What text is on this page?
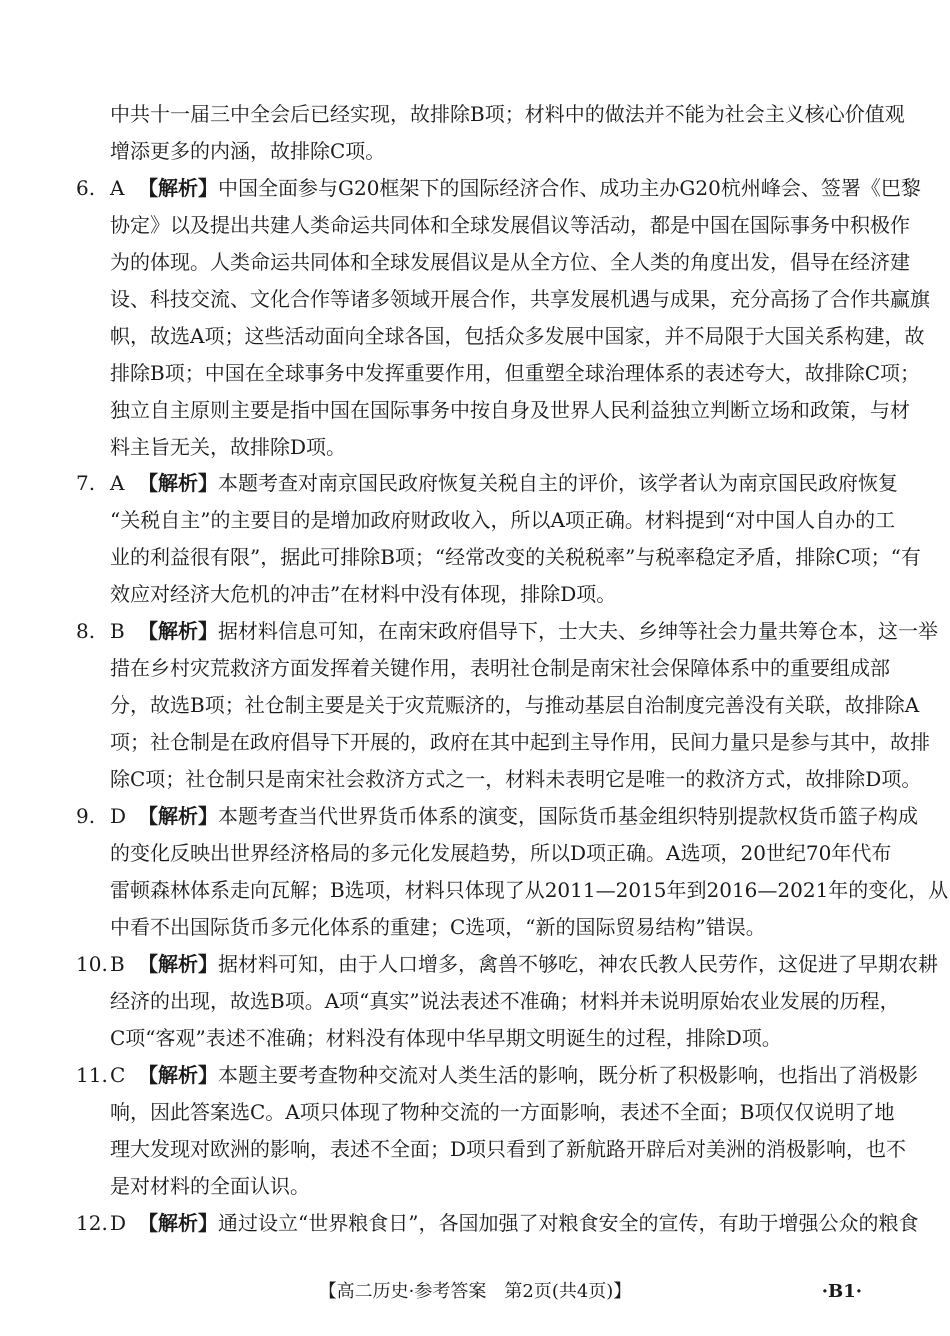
中共十一届三中全会后已经实现，故排除B项；材料中的做法并不能为社会主义核心价值观
增添更多的内涵，故排除C项。
6. A 【解析】中国全面参与G20框架下的国际经济合作、成功主办G20杭州峰会、签署《巴黎
协定》以及提出共建人类命运共同体和全球发展倡议等活动，都是中国在国际事务中积极作
为的体现。人类命运共同体和全球发展倡议是从全方位、全人类的角度出发，倡导在经济建
设、科技交流、文化合作等诸多领域开展合作，共享发展机遇与成果，充分高扬了合作共赢旗
帜，故选A项；这些活动面向全球各国，包括众多发展中国家，并不局限于大国关系构建，故
排除B项；中国在全球事务中发挥重要作用，但重塑全球治理体系的表述夸大，故排除C项；
独立自主原则主要是指中国在国际事务中按自身及世界人民利益独立判断立场和政策，与材
料主旨无关，故排除D项。
7. A 【解析】本题考查对南京国民政府恢复关税自主的评价，该学者认为南京国民政府恢复
“关税自主”的主要目的是增加政府财政收入，所以A项正确。材料提到“对中国人自办的工
业的利益很有限”，据此可排除B项；“经常改变的关税税率”与税率稳定矛盾，排除C项；“有
效应对经济大危机的冲击”在材料中没有体现，排除D项。
8. B 【解析】据材料信息可知，在南宋政府倡导下，士大夫、乡绅等社会力量共筹仓本，这一举
措在乡村灾荒救济方面发挥着关键作用，表明社仓制是南宋社会保障体系中的重要组成部
分，故选B项；社仓制主要是关于灾荒赈济的，与推动基层自治制度完善没有关联，故排除A
项；社仓制是在政府倡导下开展的，政府在其中起到主导作用，民间力量只是参与其中，故排
除C项；社仓制只是南宋社会救济方式之一，材料未表明它是唯一的救济方式，故排除D项。
9. D 【解析】本题考查当代世界货币体系的演变，国际货币基金组织特别提款权货币篮子构成
的变化反映出世界经济格局的多元化发展趋势，所以D项正确。A选项，20世纪70年代布
雷顿森林体系走向瓦解；B选项，材料只体现了从2011—2015年到2016—2021年的变化，从
中看不出国际货币多元化体系的重建；C选项，“新的国际贸易结构”错误。
10. B 【解析】据材料可知，由于人口增多，禽兽不够吃，神农氏教人民劳作，这促进了早期农耕
经济的出现，故选B项。A项“真实”说法表述不准确；材料并未说明原始农业发展的历程，
C项“客观”表述不准确；材料没有体现中华早期文明诞生的过程，排除D项。
11. C 【解析】本题主要考查物种交流对人类生活的影响，既分析了积极影响，也指出了消极影
响，因此答案选C。A项只体现了物种交流的一方面影响，表述不全面；B项仅仅说明了地
理大发现对欧洲的影响，表述不全面；D项只看到了新航路开辟后对美洲的消极影响，也不
是对材料的全面认识。
12. D 【解析】通过设立“世界粮食日”，各国加强了对粮食安全的宣传，有助于增强公众的粮食
【高二历史·参考答案　第2页(共4页)】	·B1·
